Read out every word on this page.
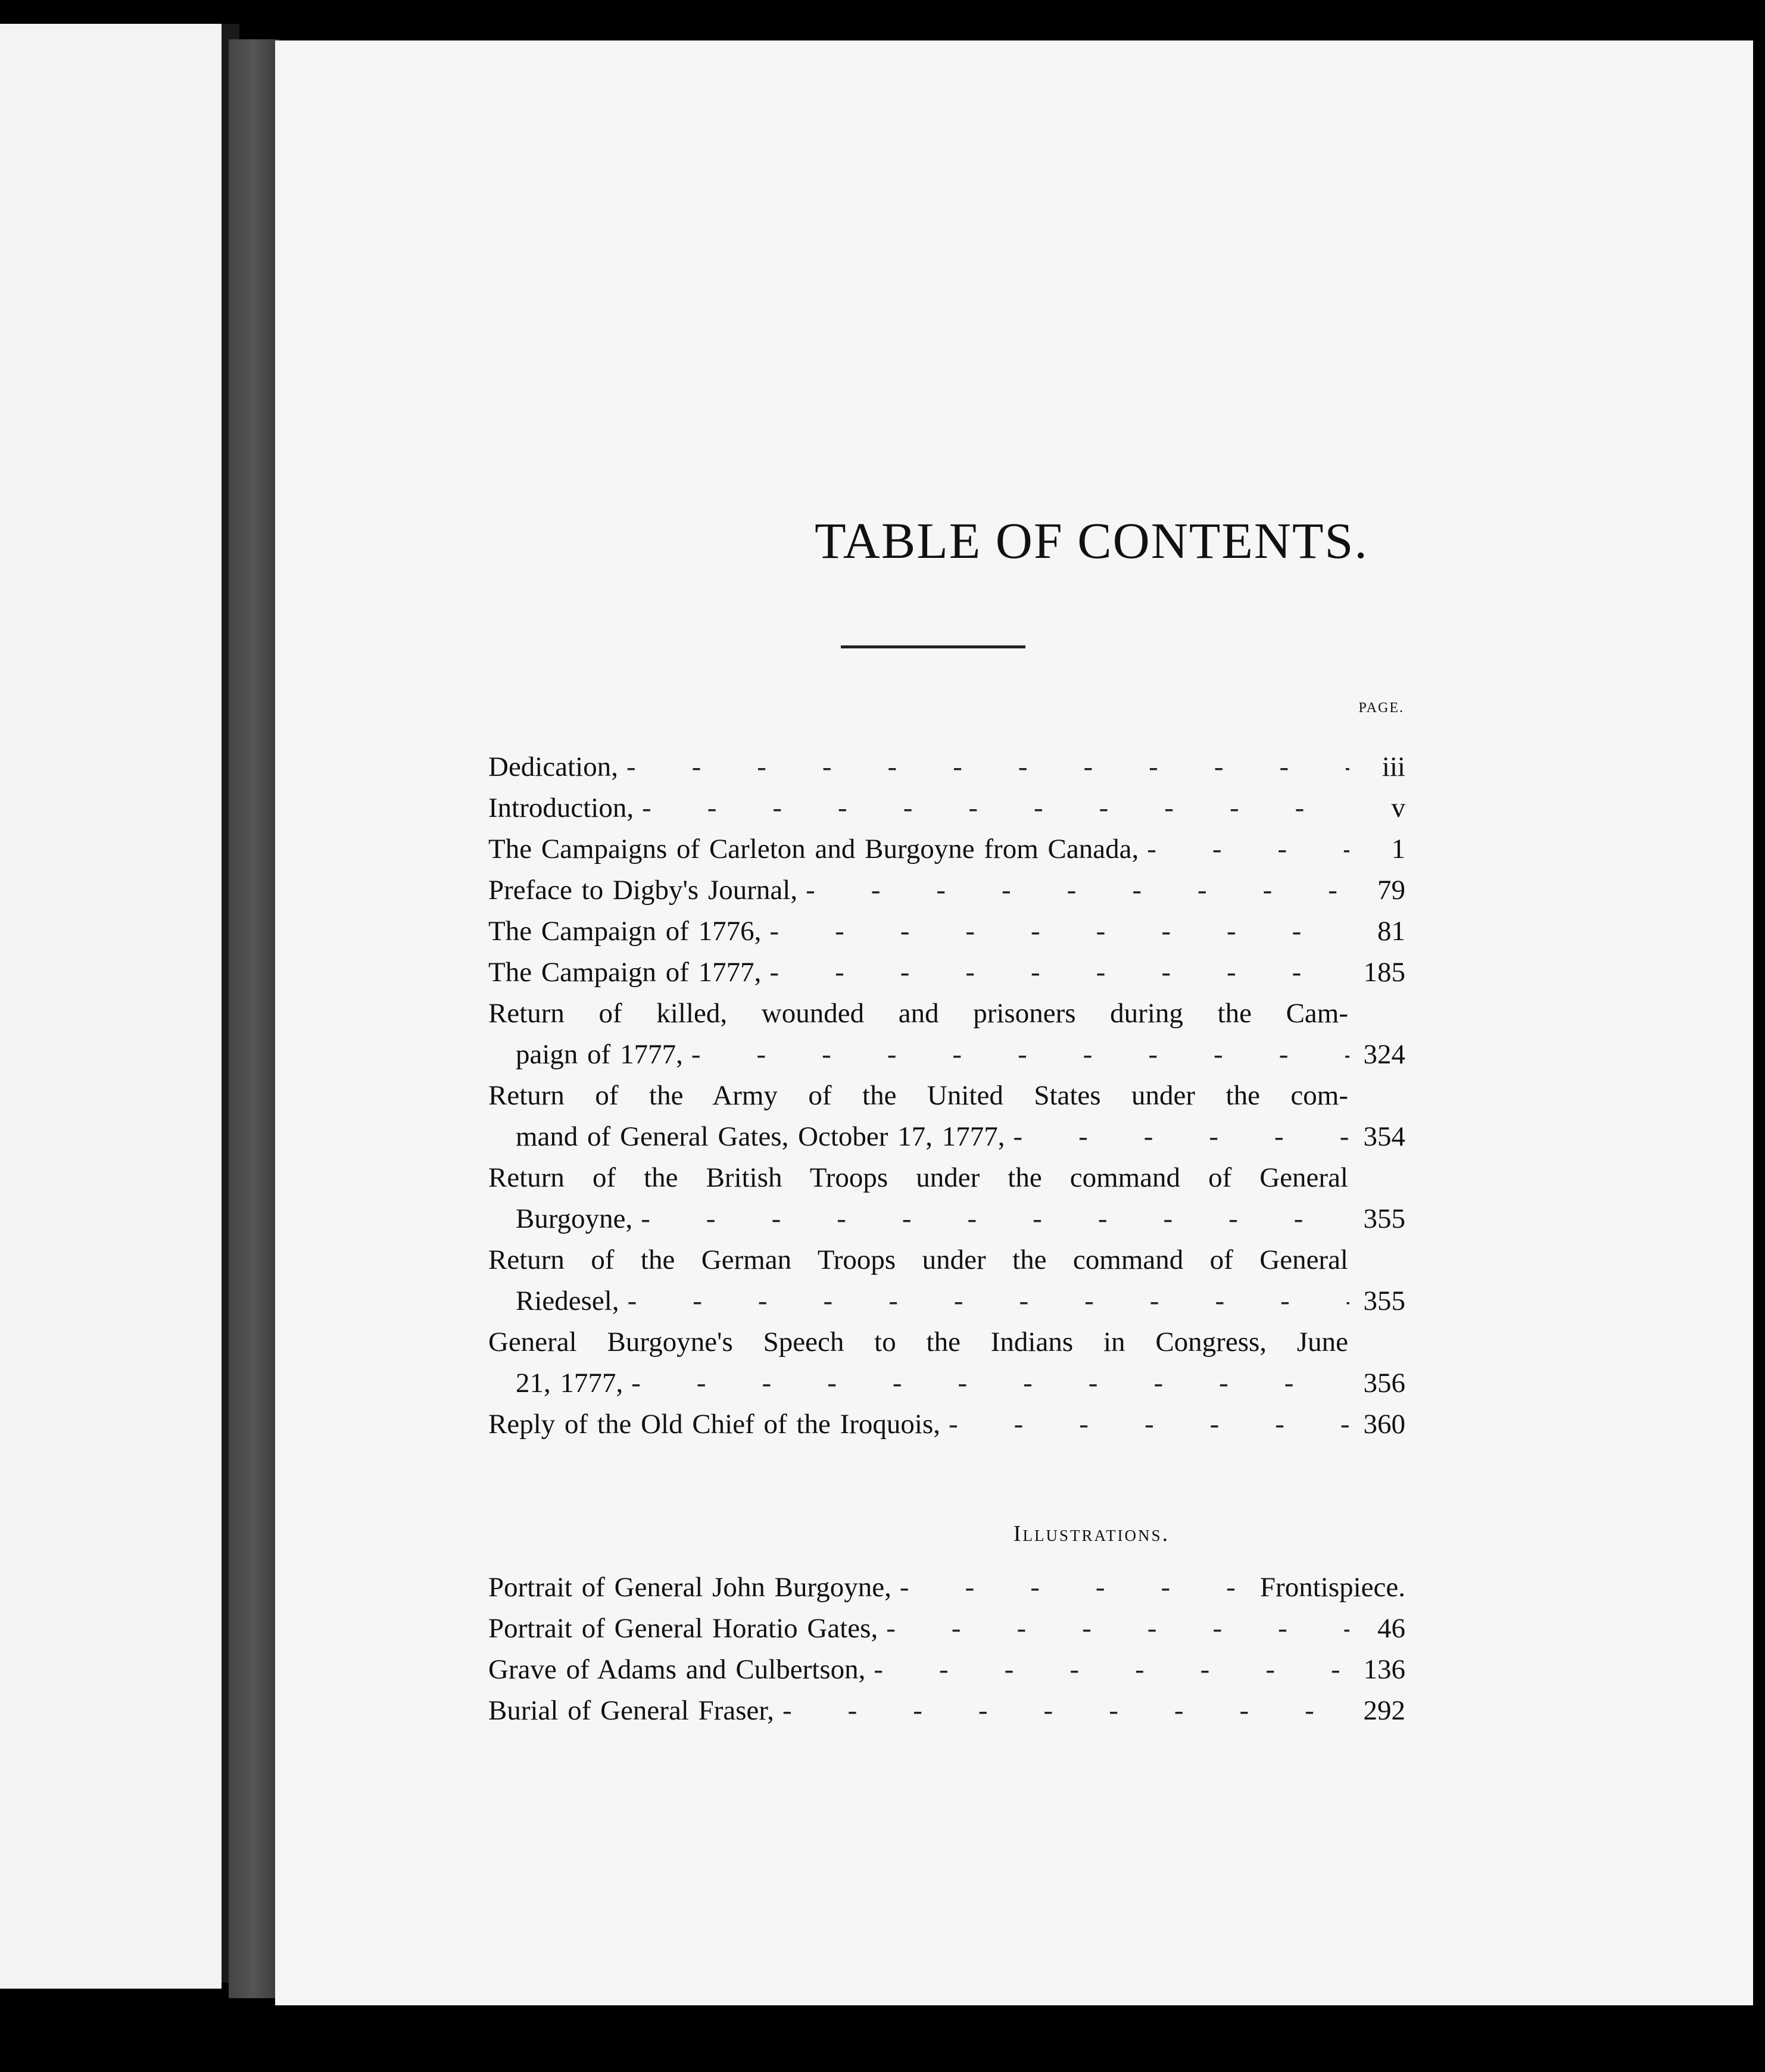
TABLE OF CONTENTS.
PAGE.
Dedication, -	iii
Introduction, -	v
The Campaigns of Carleton and Burgoyne from Canada, -	1
Preface to Digby's Journal, -	79
The Campaign of 1776, -	81
The Campaign of 1777, -	185
Return of killed, wounded and prisoners during the Cam-
paign of 1777, -	324
Return of the Army of the United States under the com-
mand of General Gates, October 17, 1777, -	354
Return of the British Troops under the command of General
Burgoyne, -	355
Return of the German Troops under the command of General
Riedesel, -	355
General Burgoyne's Speech to the Indians in Congress, June
21, 1777, -	356
Reply of the Old Chief of the Iroquois, -	360
Illustrations.
Portrait of General John Burgoyne, -	Frontispiece.
Portrait of General Horatio Gates, -	46
Grave of Adams and Culbertson, -	136
Burial of General Fraser, -	292
